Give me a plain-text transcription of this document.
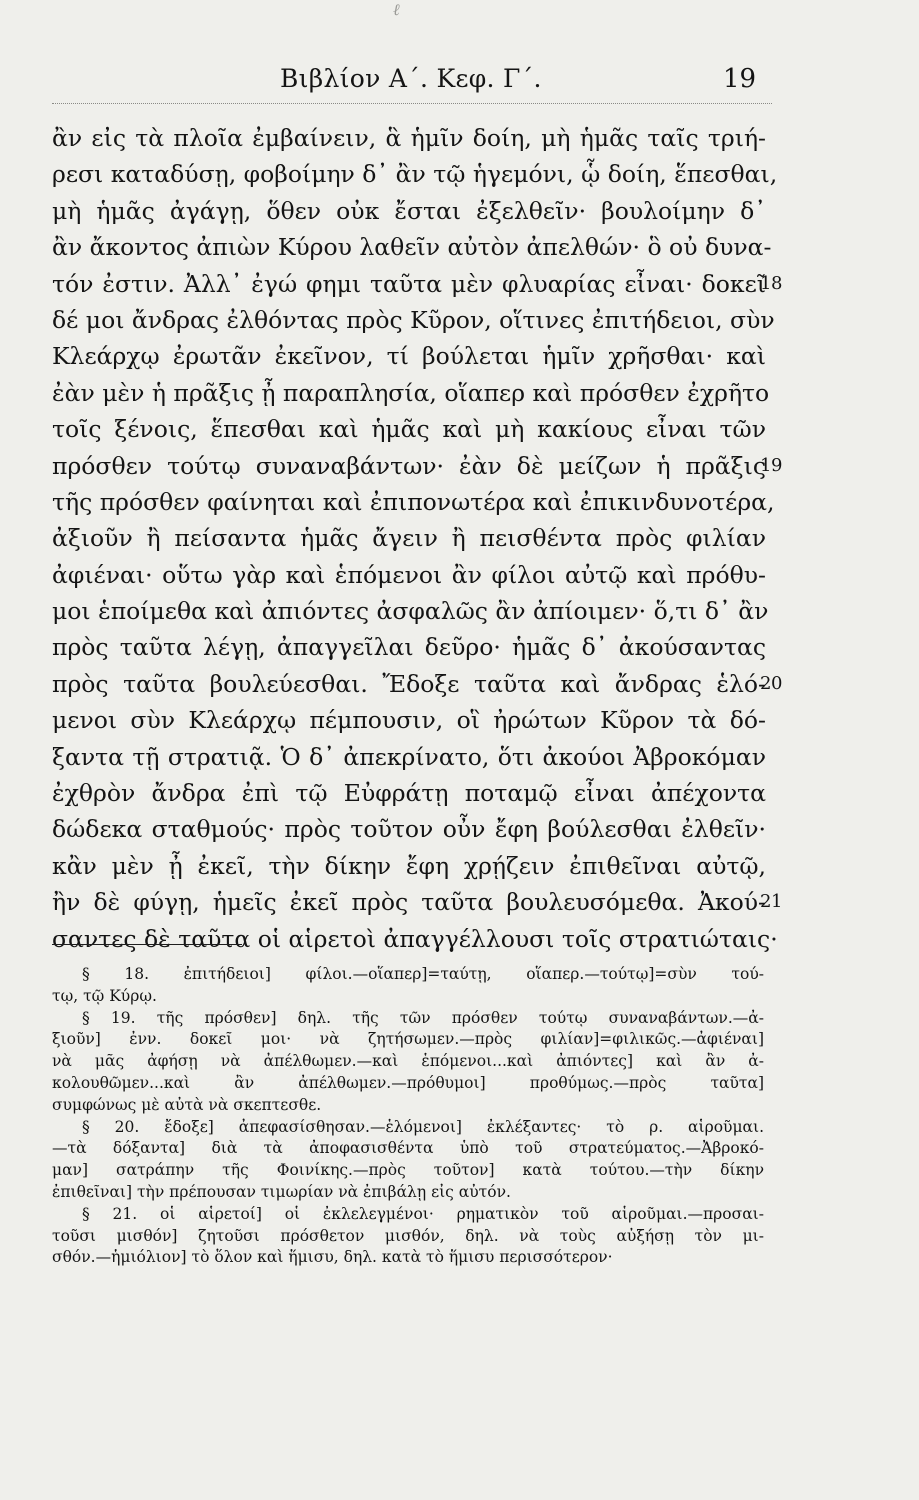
ℓ
Βιβλίον Α΄. Κεφ. Γ΄.	19
ἂν εἰς τὰ πλοῖα ἐμβαίνειν, ἃ ἡμῖν δοίη, μὴ ἡμᾶς ταῖς τριή-
ρεσι καταδύσῃ, φοβοίμην δ᾽ ἂν τῷ ἡγεμόνι, ᾧ δοίη, ἕπεσθαι,
μὴ ἡμᾶς ἀγάγῃ, ὅθεν οὐκ ἔσται ἐξελθεῖν· βουλοίμην δ᾽
ἂν ἄκοντος ἀπιὼν Κύρου λαθεῖν αὐτὸν ἀπελθών· ὃ οὐ δυνα-
τόν ἐστιν. Ἀλλ᾽ ἐγώ φημι ταῦτα μὲν φλυαρίας εἶναι· δοκεῖ
18
δέ μοι ἄνδρας ἐλθόντας πρὸς Κῦρον, οἵτινες ἐπιτήδειοι, σὺν
Κλεάρχῳ ἐρωτᾶν ἐκεῖνον, τί βούλεται ἡμῖν χρῆσθαι· καὶ
ἐὰν μὲν ἡ πρᾶξις ᾖ παραπλησία, οἵαπερ καὶ πρόσθεν ἐχρῆτο
τοῖς ξένοις, ἕπεσθαι καὶ ἡμᾶς καὶ μὴ κακίους εἶναι τῶν
πρόσθεν τούτῳ συναναβάντων· ἐὰν δὲ μείζων ἡ πρᾶξις
19
τῆς πρόσθεν φαίνηται καὶ ἐπιπονωτέρα καὶ ἐπικινδυνοτέρα,
ἀξιοῦν ἢ πείσαντα ἡμᾶς ἄγειν ἢ πεισθέντα πρὸς φιλίαν
ἀφιέναι· οὕτω γὰρ καὶ ἑπόμενοι ἂν φίλοι αὐτῷ καὶ πρόθυ-
μοι ἑποίμεθα καὶ ἀπιόντες ἀσφαλῶς ἂν ἀπίοιμεν· ὅ,τι δ᾽ ἂν
πρὸς ταῦτα λέγῃ, ἀπαγγεῖλαι δεῦρο· ἡμᾶς δ᾽ ἀκούσαντας
πρὸς ταῦτα βουλεύεσθαι. Ἔδοξε ταῦτα καὶ ἄνδρας ἑλό-
20
μενοι σὺν Κλεάρχῳ πέμπουσιν, οἳ ἠρώτων Κῦρον τὰ δό-
ξαντα τῇ στρατιᾷ. Ὁ δ᾽ ἀπεκρίνατο, ὅτι ἀκούοι Ἀβροκόμαν
ἐχθρὸν ἄνδρα ἐπὶ τῷ Εὐφράτῃ ποταμῷ εἶναι ἀπέχοντα
δώδεκα σταθμούς· πρὸς τοῦτον οὖν ἔφη βούλεσθαι ἐλθεῖν·
κἂν μὲν ᾖ ἐκεῖ, τὴν δίκην ἔφη χρῄζειν ἐπιθεῖναι αὐτῷ,
ἢν δὲ φύγῃ, ἡμεῖς ἐκεῖ πρὸς ταῦτα βουλευσόμεθα. Ἀκού-
21
σαντες δὲ ταῦτα οἱ αἱρετοὶ ἀπαγγέλλουσι τοῖς στρατιώταις·
§ 18. ἐπιτήδειοι] φίλοι.—οἵαπερ]=ταύτῃ, οἵαπερ.—τούτῳ]=σὺν τού-
τῳ, τῷ Κύρῳ.
§ 19. τῆς πρόσθεν] δηλ. τῆς τῶν πρόσθεν τούτῳ συναναβάντων.—ἀ-
ξιοῦν] ἐνν. δοκεῖ μοι· νὰ ζητήσωμεν.—πρὸς φιλίαν]=φιλικῶς.—ἀφιέναι]
νὰ μᾶς ἀφήσῃ νὰ ἀπέλθωμεν.—καὶ ἑπόμενοι...καὶ ἀπιόντες] καὶ ἂν ἀ-
κολουθῶμεν...καὶ ἂν ἀπέλθωμεν.—πρόθυμοι] προθύμως.—πρὸς ταῦτα]
συμφώνως μὲ αὐτὰ νὰ σκεπτεσθε.
§ 20. ἔδοξε] ἀπεφασίσθησαν.—ἑλόμενοι] ἐκλέξαντες· τὸ ρ. αἱροῦμαι.
—τὰ δόξαντα] διὰ τὰ ἀποφασισθέντα ὑπὸ τοῦ στρατεύματος.—Ἀβροκό-
μαν] σατράπην τῆς Φοινίκης.—πρὸς τοῦτον] κατὰ τούτου.—τὴν δίκην
ἐπιθεῖναι] τὴν πρέπουσαν τιμωρίαν νὰ ἐπιβάλῃ εἰς αὐτόν.
§ 21. οἱ αἱρετοί] οἱ ἐκλελεγμένοι· ρηματικὸν τοῦ αἱροῦμαι.—προσαι-
τοῦσι μισθόν] ζητοῦσι πρόσθετον μισθόν, δηλ. νὰ τοὺς αὐξήσῃ τὸν μι-
σθόν.—ἡμιόλιον] τὸ ὅλον καὶ ἥμισυ, δηλ. κατὰ τὸ ἥμισυ περισσότερον·
